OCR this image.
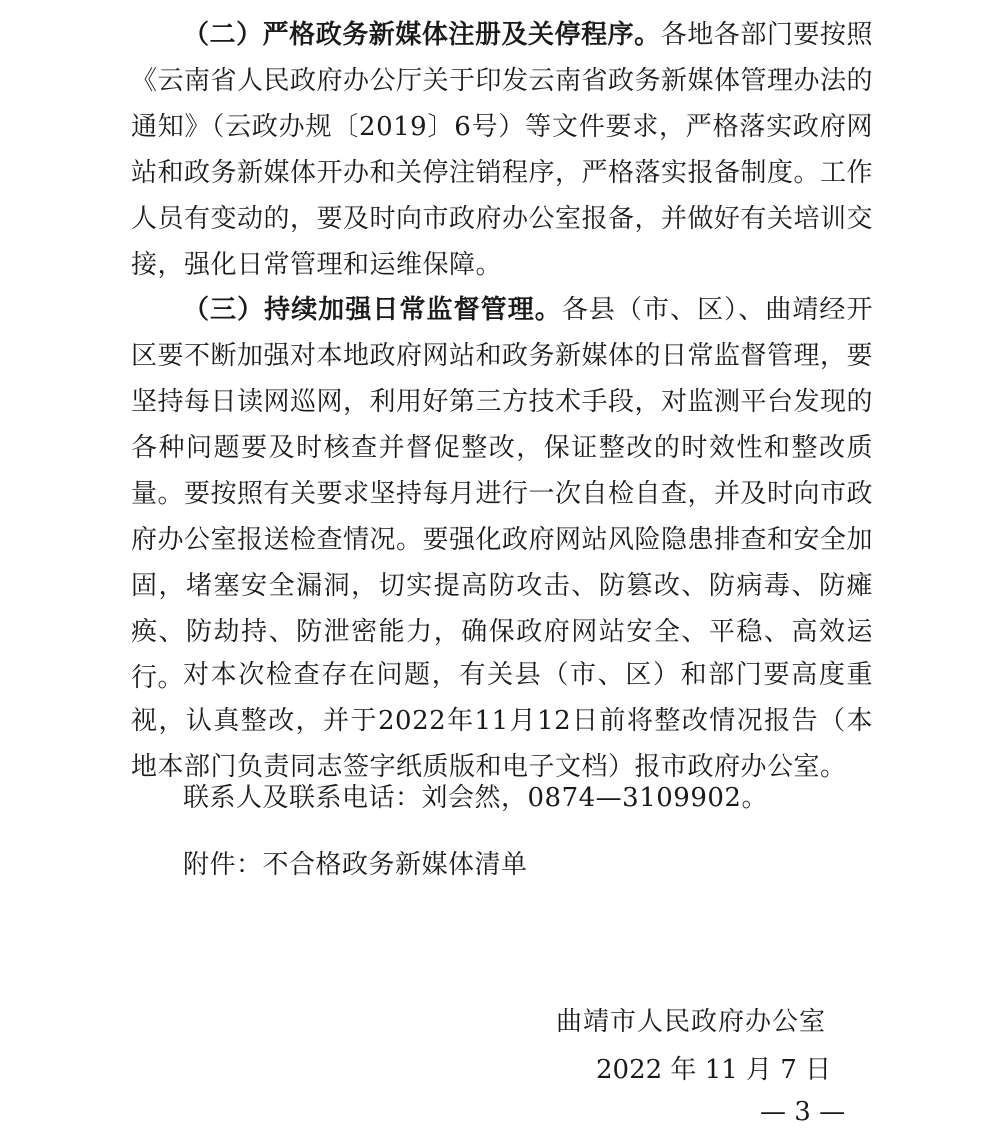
（二）严格政务新媒体注册及关停程序。各地各部门要按照《云南省人民政府办公厅关于印发云南省政务新媒体管理办法的通知》（云政办规〔2019〕6号）等文件要求，严格落实政府网站和政务新媒体开办和关停注销程序，严格落实报备制度。工作人员有变动的，要及时向市政府办公室报备，并做好有关培训交接，强化日常管理和运维保障。

（三）持续加强日常监督管理。各县（市、区）、曲靖经开区要不断加强对本地政府网站和政务新媒体的日常监督管理，要坚持每日读网巡网，利用好第三方技术手段，对监测平台发现的各种问题要及时核查并督促整改，保证整改的时效性和整改质量。要按照有关要求坚持每月进行一次自检自查，并及时向市政府办公室报送检查情况。要强化政府网站风险隐患排查和安全加固，堵塞安全漏洞，切实提高防攻击、防篡改、防病毒、防瘫痪、防劫持、防泄密能力，确保政府网站安全、平稳、高效运行。

对本次检查存在问题，有关县（市、区）和部门要高度重视，认真整改，并于2022年11月12日前将整改情况报告（本地本部门负责同志签字纸质版和电子文档）报市政府办公室。

联系人及联系电话：刘会然，0874—3109902。

附件：不合格政务新媒体清单

曲靖市人民政府办公室

2022 年 11 月 7 日

— 3 —
